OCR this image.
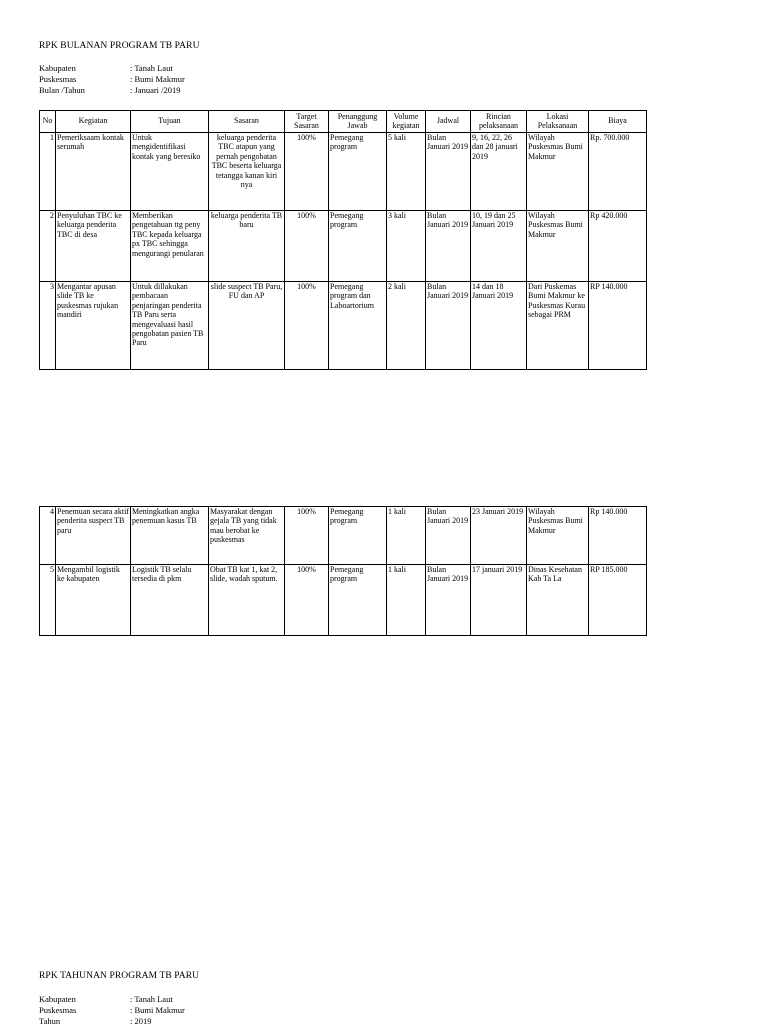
RPK BULANAN PROGRAM TB PARU
Kabupaten	: Tanah Laut
Puskesmas	: Bumi Makmur
Bulan /Tahun	: Januari /2019
No	Kegiatan	Tujuan	Sasaran	Target Sasaran	Penanggung Jawab	Volume kegiatan	Jadwal	Rincian pelaksanaan	Lokasi Pelaksanaan	Biaya
1	Pemeriksaam kontak serumah	Untuk mengidentifikasi kontak yang beresiko	keluarga penderita TBC atapun yang pernah pengobatan TBC beserta keluarga tetangga kanan kiri nya	100%	Pemegang program	5 kali	Bulan Januari 2019	9, 16, 22, 26 dan 28 januari 2019	Wilayah Puskesmas Bumi Makmur	Rp. 700.000
2	Penyuluhan TBC ke keluarga penderita TBC di desa	Memberikan pengetahuan ttg peny TBC kepada keluarga px TBC sehingga mengurangi penularan	keluarga penderita TB baru	100%	Pemegang program	3 kali	Bulan Januari 2019	10, 19 dan 25 Januari 2019	Wilayah Puskesmas Bumi Makmur	Rp 420.000
3	Mengantar apusan slide TB ke puskesmas rujukan mandiri	Untuk dillakukan pembacaan penjaringan penderita TB Paru serta mengevaluasi hasil pengobatan pasien TB Paru	slide suspect TB Paru, FU dan AP	100%	Pemegang program dan Laboartorium	2 kali	Bulan Januari 2019	14 dan 18 Januari 2019	Dari Puskemas Bumi Makmur ke Puskesmas Kurau sebagai PRM	RP 140.000
4	Penemuan secara aktif penderita suspect TB paru	Meningkatkan angka penemuan kasus TB	Masyarakat dengan gejala TB yang tidak mau berobat ke puskesmas	100%	Pemegang program	1 kali	Bulan Januari 2019	23 Januari 2019	Wilayah Puskesmas Bumi Makmur	Rp 140.000
5	Mengambil logistik ke kabupaten	Logistik TB selalu tersedia di pkm	Obat TB kat 1, kat 2, slide, wadah sputum.	100%	Pemegang program	1 kali	Bulan Januari 2019	17 januari 2019	Dinas Kesehatan Kab Ta La	RP 185.000
RPK TAHUNAN PROGRAM TB PARU
Kabupaten	: Tanah Laut
Puskesmas	: Bumi Makmur
Tahun	: 2019
